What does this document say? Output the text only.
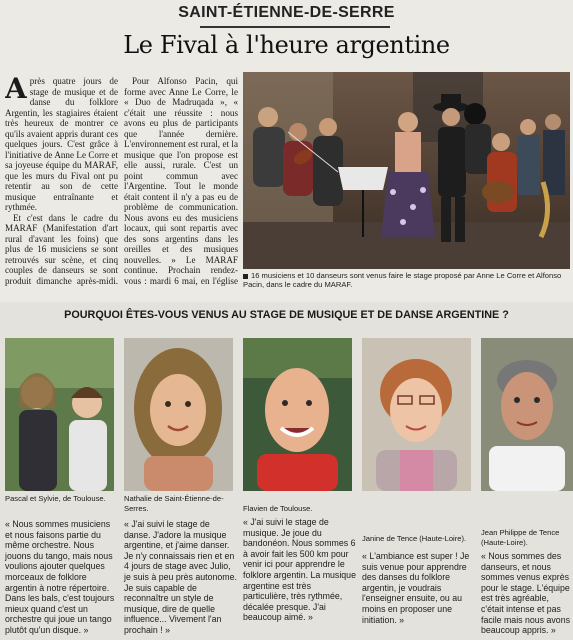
SAINT-ÉTIENNE-DE-SERRE
Le Fival à l'heure argentine
A près quatre jours de stage de musique et de danse du folklore Argentin, les stagiaires étaient très heureux de montrer ce qu'ils avaient appris durant ces quelques jours. C'est grâce à l'initiative de Anne Le Corre et sa joyeuse équipe du MARAF, que les murs du Fival ont pu retentir au son de cette musique entraînante et rythmée.

Et c'est dans le cadre du MARAF (Manifestation d'art rural d'avant les foins) que plus de 16 musiciens se sont retrouvés sur scène, et cinq couples de danseurs se sont produit dimanche après-midi.

Pour Alfonso Pacin, qui forme avec Anne Le Corre, le « Duo de Madruqada », « c'était une réussite : nous avons eu plus de participants que l'année dernière. L'environnement est rural, et la musique que l'on propose est elle aussi, rurale. C'est un point commun avec l'Argentine. Tout le monde était content il n'y a pas eu de problème de communication. Nous avons eu des musiciens locaux, qui sont repartis avec des sons argentins dans les oreilles et des musiques nouvelles. » Le MARAF continue. Prochain rendez-vous : mardi 6 mai, en l'église	16 musiciens et 10 danseurs sont venus faire le stage proposé par Anne Le Corre et Alfonso Pacin, dans le cadre du MARAF.
POURQUOI ÊTES-VOUS VENUS AU STAGE DE MUSIQUE ET DE DANSE ARGENTINE ?
Pascal et Sylvie, de Toulouse.
« Nous sommes musiciens et nous faisons partie du même orchestre. Nous jouons du tango, mais nous voulions ajouter quelques morceaux de folklore argentin à notre répertoire. Dans les bals, c'est toujours mieux quand c'est un orchestre qui joue un tango plutôt qu'un disque. »
Nathalie de Saint-Étienne-de-Serres.
« J'ai suivi le stage de danse. J'adore la musique argentine, et j'aime danser. Je n'y connaissais rien et en 4 jours de stage avec Julio, je suis à peu près autonome. Je suis capable de reconnaître un style de musique, dire de quelle influence... Vivement l'an prochain ! »
Flavien de Toulouse.
« J'ai suivi le stage de musique. Je joue du bandonéon. Nous sommes 6 à avoir fait les 500 km pour venir ici pour apprendre le folklore argentin. La musique argentine est très particulière, très rythmée, décalée presque. J'ai beaucoup aimé. »
Janine de Tence (Haute-Loire).
« L'ambiance est super ! Je suis venue pour apprendre des danses du folklore argentin, je voudrais l'enseigner ensuite, ou au moins en proposer une initiation. »
Jean Philippe de Tence (Haute-Loire).
« Nous sommes des danseurs, et nous sommes venus exprès pour le stage. L'équipe est très agréable, c'était intense et pas facile mais nous avons beaucoup appris. »
